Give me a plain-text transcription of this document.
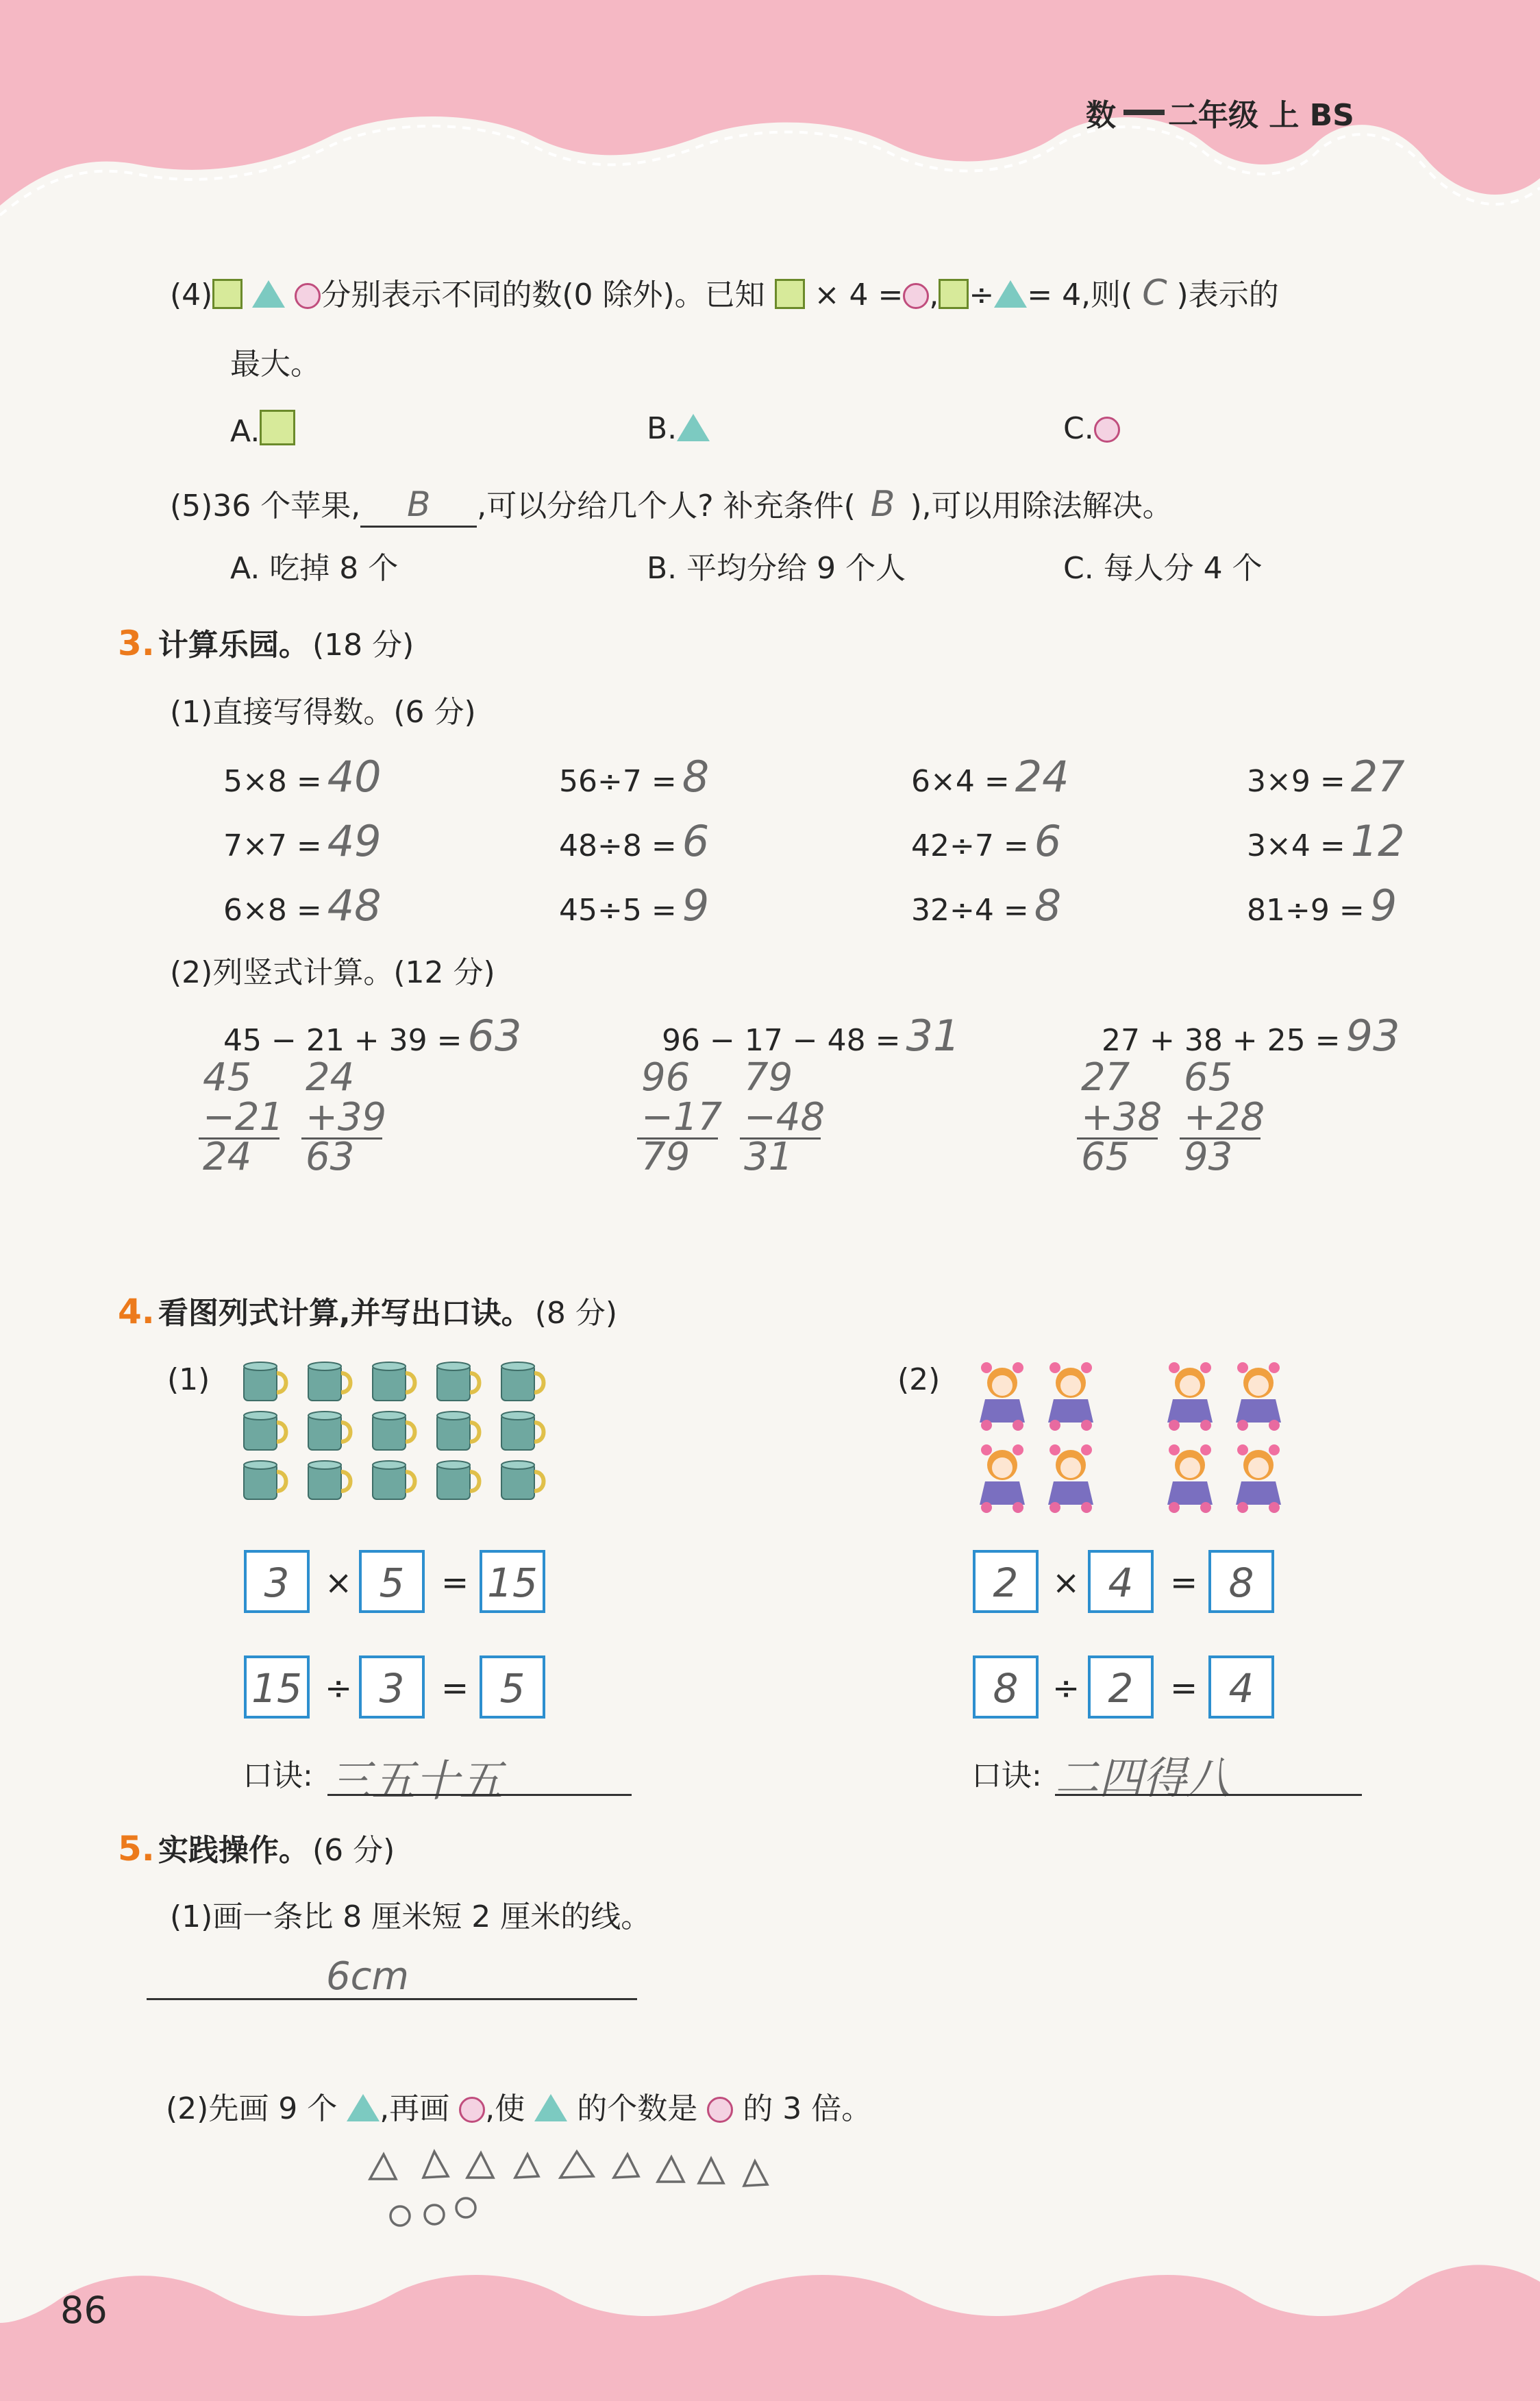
数 二年级 上 BS
(4)	分别表示不同的数(0 除外)。已知 × 4 = , ÷ = 4,则( C )表示的
最大。
A.	B.	C.
(5)36 个苹果, B ,可以分给几个人? 补充条件( B ),可以用除法解决。
A. 吃掉 8 个	B. 平均分给 9 个人	C. 每人分 4 个
3. 计算乐园。 (18 分)
(1)直接写得数。(6 分)
5×8 = 40	56÷7 = 8	6×4 = 24	3×9 = 27
7×7 = 49	48÷8 = 6	42÷7 = 6	3×4 = 12
6×8 = 48	45÷5 = 9	32÷4 = 8	81÷9 = 9
(2)列竖式计算。(12 分)
45 − 21 + 39 = 63
45
−21
24
24
+39
63
96 − 17 − 48 = 31
96
−17
79
79
−48
31
27 + 38 + 25 = 93
27
+38
65
65
+28
93
4. 看图列式计算,并写出口诀。 (8 分)
(1)	(2)
3	× 5	= 15
15 ÷ 3	= 5
口诀: 三五十五
2	× 4	= 8
8	÷ 2	= 4
口诀: 二四得八
5. 实践操作。 (6 分)
(1)画一条比 8 厘米短 2 厘米的线。
6cm
(2)先画 9 个 ,再画 ,使 的个数是 的 3 倍。
86
